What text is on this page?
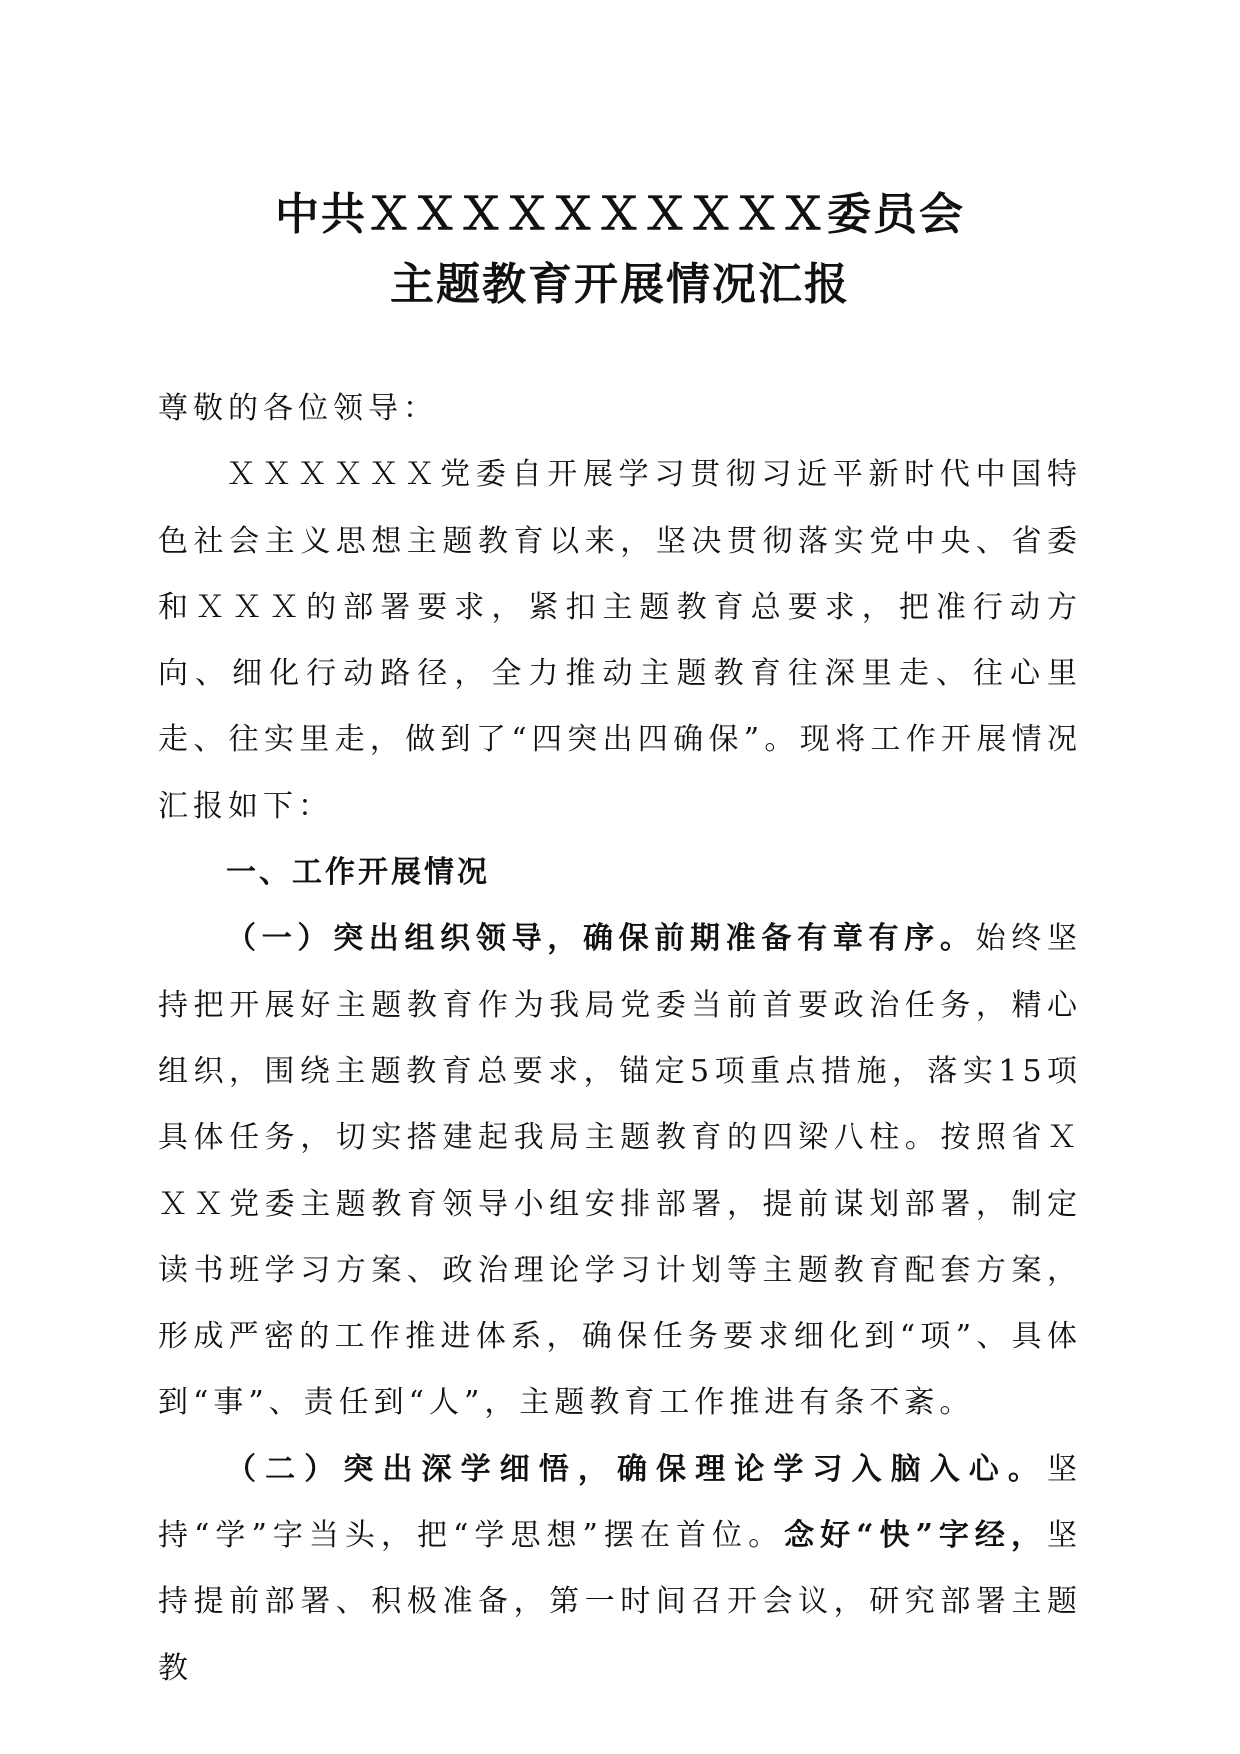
中共ＸＸＸＸＸＸＸＸＸＸ委员会
主题教育开展情况汇报

尊敬的各位领导：

ＸＸＸＸＸＸ党委自开展学习贯彻习近平新时代中国特色社会主义思想主题教育以来，坚决贯彻落实党中央、省委和ＸＸＸ的部署要求，紧扣主题教育总要求，把准行动方向、细化行动路径，全力推动主题教育往深里走、往心里走、往实里走，做到了“四突出四确保”。现将工作开展情况汇报如下：

一、工作开展情况

（一）突出组织领导，确保前期准备有章有序。始终坚持把开展好主题教育作为我局党委当前首要政治任务，精心组织，围绕主题教育总要求，锚定5项重点措施，落实15项具体任务，切实搭建起我局主题教育的四梁八柱。按照省ＸＸＸ党委主题教育领导小组安排部署，提前谋划部署，制定读书班学习方案、政治理论学习计划等主题教育配套方案，形成严密的工作推进体系，确保任务要求细化到“项”、具体到“事”、责任到“人”，主题教育工作推进有条不紊。

（二）突出深学细悟，确保理论学习入脑入心。坚持“学”字当头，把“学思想”摆在首位。念好“快”字经，坚持提前部署、积极准备，第一时间召开会议，研究部署主题教
